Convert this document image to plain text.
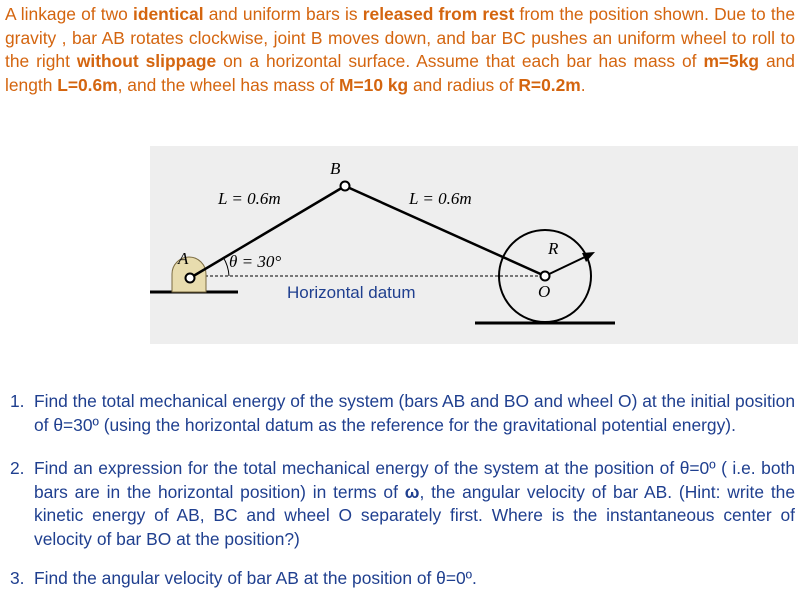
A linkage of two identical and uniform bars is released from rest from the position shown. Due to the gravity , bar AB rotates clockwise, joint B moves down, and bar BC pushes an uniform wheel to roll to the right without slippage on a horizontal surface. Assume that each bar has mass of m=5kg and length L=0.6m, and the wheel has mass of M=10 kg and radius of R=0.2m.

A
B
O
R
L = 0.6m	L = 0.6m
θ = 30°
Horizontal datum
1. Find the total mechanical energy of the system (bars AB and BO and wheel O) at the initial position of θ=30º (using the horizontal datum as the reference for the gravitational potential energy).
2. Find an expression for the total mechanical energy of the system at the position of θ=0º ( i.e. both bars are in the horizontal position) in terms of ω, the angular velocity of bar AB. (Hint: write the kinetic energy of AB, BC and wheel O separately first. Where is the instantaneous center of velocity of bar BO at the position?)
3. Find the angular velocity of bar AB at the position of θ=0º.
